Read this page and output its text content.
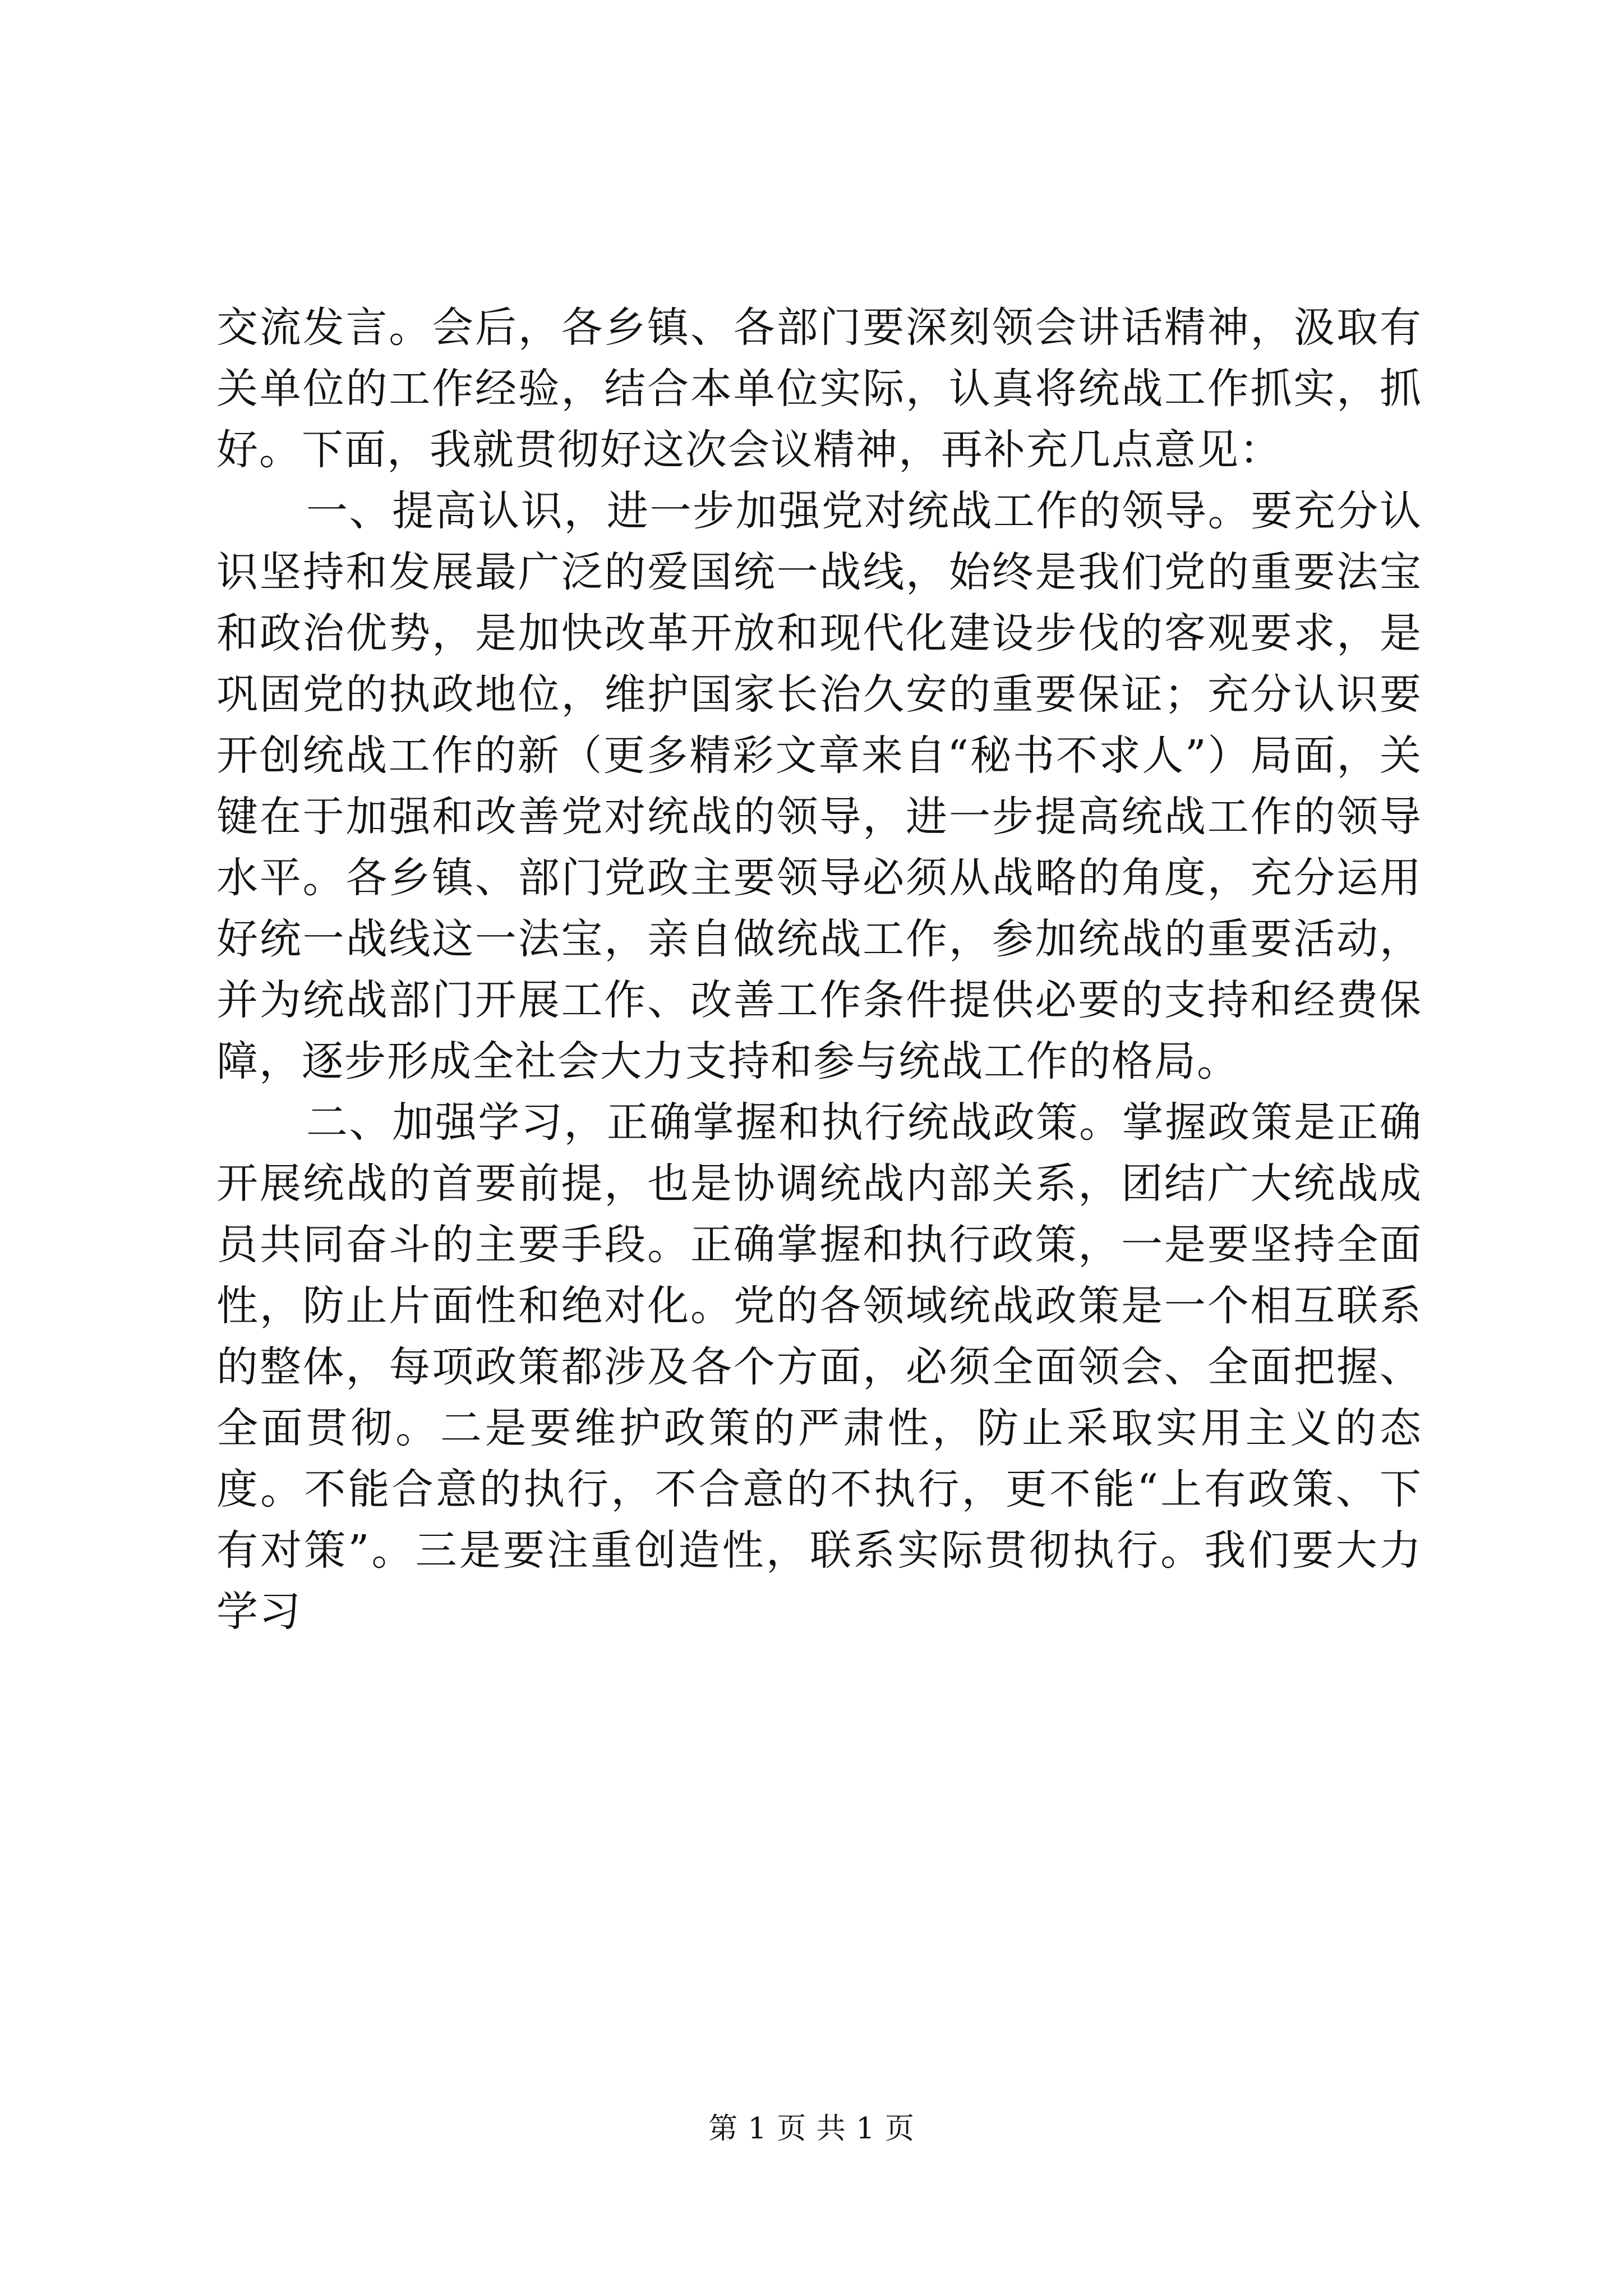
交流发言。会后，各乡镇、各部门要深刻领会讲话精神，汲取有关单位的工作经验，结合本单位实际，认真将统战工作抓实，抓好。下面，我就贯彻好这次会议精神，再补充几点意见：

一、提高认识，进一步加强党对统战工作的领导。要充分认识坚持和发展最广泛的爱国统一战线，始终是我们党的重要法宝和政治优势，是加快改革开放和现代化建设步伐的客观要求，是巩固党的执政地位，维护国家长治久安的重要保证；充分认识要开创统战工作的新（更多精彩文章来自“秘书不求人”）局面，关键在于加强和改善党对统战的领导，进一步提高统战工作的领导水平。各乡镇、部门党政主要领导必须从战略的角度，充分运用好统一战线这一法宝，亲自做统战工作，参加统战的重要活动，并为统战部门开展工作、改善工作条件提供必要的支持和经费保障，逐步形成全社会大力支持和参与统战工作的格局。

二、加强学习，正确掌握和执行统战政策。掌握政策是正确开展统战的首要前提，也是协调统战内部关系，团结广大统战成员共同奋斗的主要手段。正确掌握和执行政策，一是要坚持全面性，防止片面性和绝对化。党的各领域统战政策是一个相互联系的整体，每项政策都涉及各个方面，必须全面领会、全面把握、全面贯彻。二是要维护政策的严肃性，防止采取实用主义的态度。不能合意的执行，不合意的不执行，更不能“上有政策、下有对策”。三是要注重创造性，联系实际贯彻执行。我们要大力学习

第 1 页 共 1 页
